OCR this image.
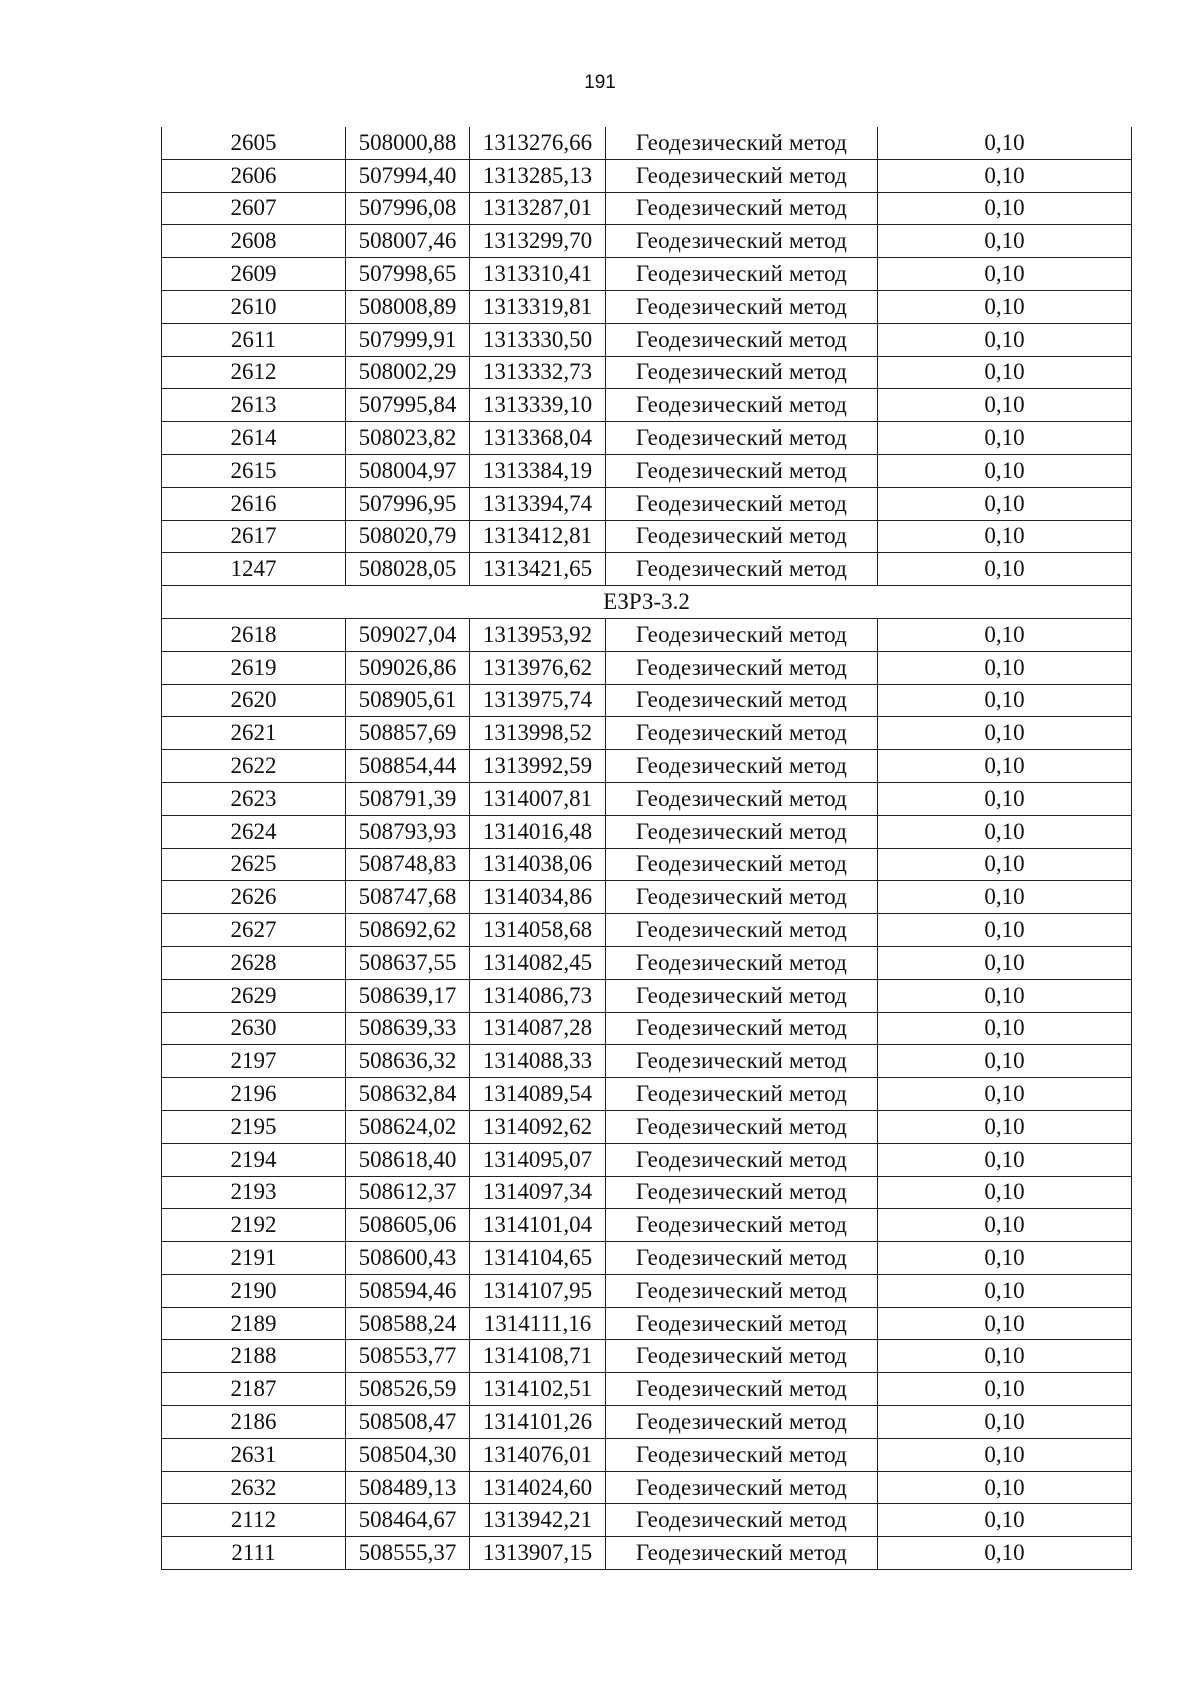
191
2605	508000,88	1313276,66	Геодезический метод	0,10
2606	507994,40	1313285,13	Геодезический метод	0,10
2607	507996,08	1313287,01	Геодезический метод	0,10
2608	508007,46	1313299,70	Геодезический метод	0,10
2609	507998,65	1313310,41	Геодезический метод	0,10
2610	508008,89	1313319,81	Геодезический метод	0,10
2611	507999,91	1313330,50	Геодезический метод	0,10
2612	508002,29	1313332,73	Геодезический метод	0,10
2613	507995,84	1313339,10	Геодезический метод	0,10
2614	508023,82	1313368,04	Геодезический метод	0,10
2615	508004,97	1313384,19	Геодезический метод	0,10
2616	507996,95	1313394,74	Геодезический метод	0,10
2617	508020,79	1313412,81	Геодезический метод	0,10
1247	508028,05	1313421,65	Геодезический метод	0,10
ЕЗРЗ-3.2				
2618	509027,04	1313953,92	Геодезический метод	0,10
2619	509026,86	1313976,62	Геодезический метод	0,10
2620	508905,61	1313975,74	Геодезический метод	0,10
2621	508857,69	1313998,52	Геодезический метод	0,10
2622	508854,44	1313992,59	Геодезический метод	0,10
2623	508791,39	1314007,81	Геодезический метод	0,10
2624	508793,93	1314016,48	Геодезический метод	0,10
2625	508748,83	1314038,06	Геодезический метод	0,10
2626	508747,68	1314034,86	Геодезический метод	0,10
2627	508692,62	1314058,68	Геодезический метод	0,10
2628	508637,55	1314082,45	Геодезический метод	0,10
2629	508639,17	1314086,73	Геодезический метод	0,10
2630	508639,33	1314087,28	Геодезический метод	0,10
2197	508636,32	1314088,33	Геодезический метод	0,10
2196	508632,84	1314089,54	Геодезический метод	0,10
2195	508624,02	1314092,62	Геодезический метод	0,10
2194	508618,40	1314095,07	Геодезический метод	0,10
2193	508612,37	1314097,34	Геодезический метод	0,10
2192	508605,06	1314101,04	Геодезический метод	0,10
2191	508600,43	1314104,65	Геодезический метод	0,10
2190	508594,46	1314107,95	Геодезический метод	0,10
2189	508588,24	1314111,16	Геодезический метод	0,10
2188	508553,77	1314108,71	Геодезический метод	0,10
2187	508526,59	1314102,51	Геодезический метод	0,10
2186	508508,47	1314101,26	Геодезический метод	0,10
2631	508504,30	1314076,01	Геодезический метод	0,10
2632	508489,13	1314024,60	Геодезический метод	0,10
2112	508464,67	1313942,21	Геодезический метод	0,10
2111	508555,37	1313907,15	Геодезический метод	0,10
